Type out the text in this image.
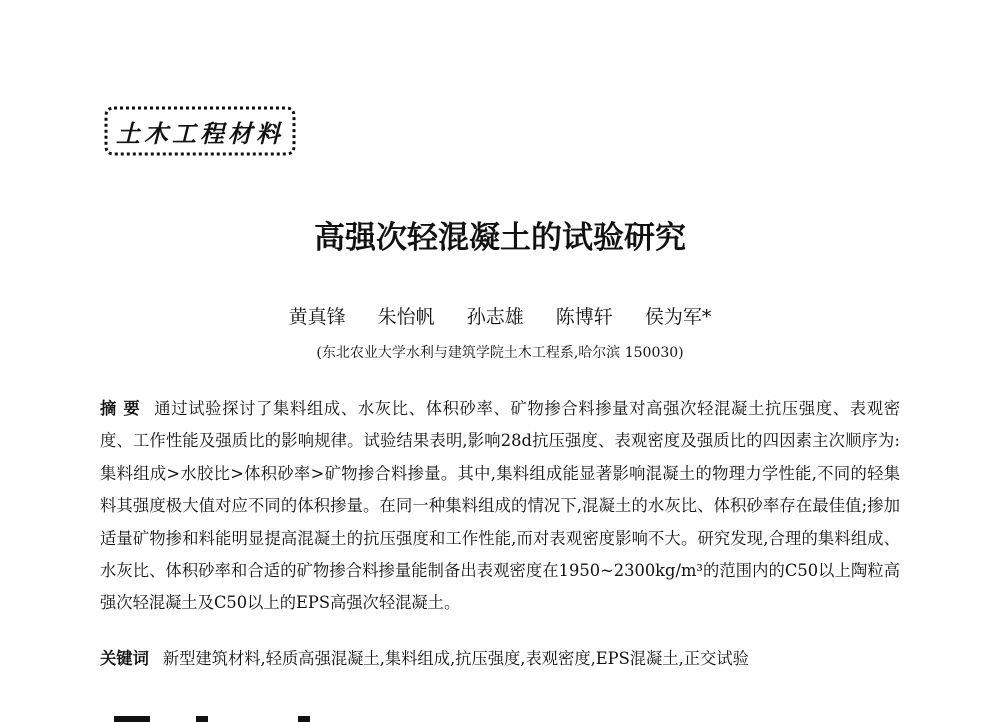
土木工程材料
高强次轻混凝土的试验研究
黄真锋 朱怡帆 孙志雄 陈博轩 侯为军*
(东北农业大学水利与建筑学院土木工程系,哈尔滨 150030)
摘 要 通过试验探讨了集料组成、水灰比、体积砂率、矿物掺合料掺量对高强次轻混凝土抗压强度、表观密度、工作性能及强质比的影响规律。试验结果表明,影响28d抗压强度、表观密度及强质比的四因素主次顺序为:集料组成>水胶比>体积砂率>矿物掺合料掺量。其中,集料组成能显著影响混凝土的物理力学性能,不同的轻集料其强度极大值对应不同的体积掺量。在同一种集料组成的情况下,混凝土的水灰比、体积砂率存在最佳值;掺加适量矿物掺和料能明显提高混凝土的抗压强度和工作性能,而对表观密度影响不大。研究发现,合理的集料组成、水灰比、体积砂率和合适的矿物掺合料掺量能制备出表观密度在1950~2300kg/m³的范围内的C50以上陶粒高强次轻混凝土及C50以上的EPS高强次轻混凝土。
关键词 新型建筑材料,轻质高强混凝土,集料组成,抗压强度,表观密度,EPS混凝土,正交试验
